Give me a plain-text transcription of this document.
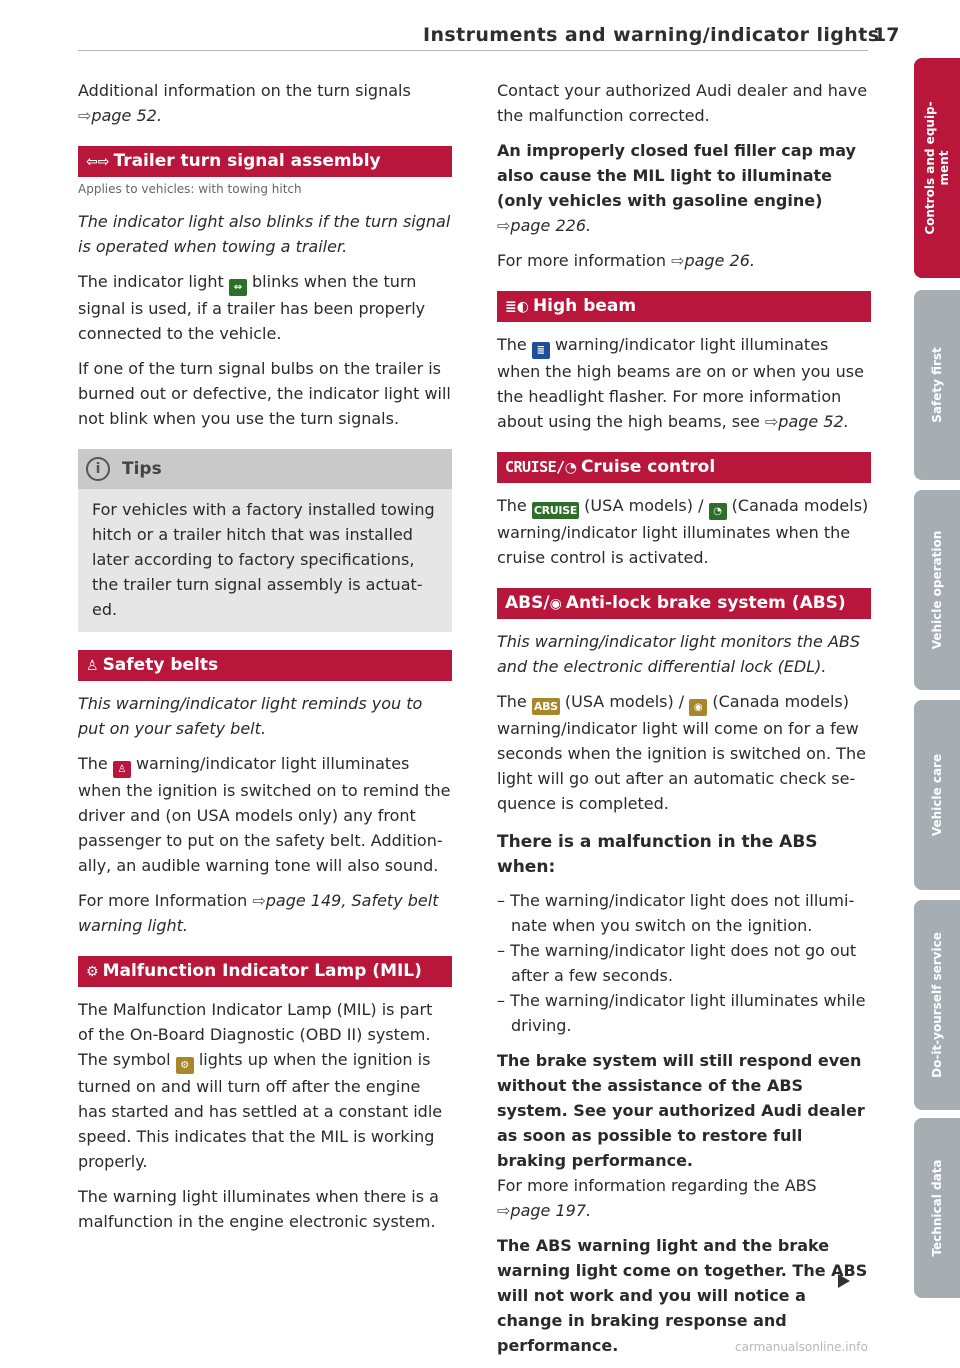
Instruments and warning/indicator lights
17

Additional information on the turn signals
⇨page 52.

⇦⇨ Trailer turn signal assembly
Applies to vehicles: with towing hitch

The indicator light also blinks if the turn signal is operated when towing a trailer.

The indicator light ⇔ blinks when the turn signal is used, if a trailer has been properly connected to the vehicle.

If one of the turn signal bulbs on the trailer is burned out or defective, the indicator light will not blink when you use the turn signals.

i Tips
For vehicles with a factory installed towing hitch or a trailer hitch that was installed later according to factory specifications, the trailer turn signal assembly is actuated.
♙ Safety belts

This warning/indicator light reminds you to put on your safety belt.

The ♙ warning/indicator light illuminates when the ignition is switched on to remind the driver and (on USA models only) any front passenger to put on the safety belt. Additionally, an audible warning tone will also sound.

For more Information ⇨page 149, Safety belt warning light.

⚙ Malfunction Indicator Lamp (MIL)

The Malfunction Indicator Lamp (MIL) is part of the On-Board Diagnostic (OBD II) system. The symbol ⚙ lights up when the ignition is turned on and will turn off after the engine has started and has settled at a constant idle speed. This indicates that the MIL is working properly.

The warning light illuminates when there is a malfunction in the engine electronic system.

Contact your authorized Audi dealer and have the malfunction corrected.

An improperly closed fuel filler cap may also cause the MIL light to illuminate (only vehicles with gasoline engine) ⇨page 226.

For more information ⇨page 26.

≣◐ High beam

The ≣ warning/indicator light illuminates when the high beams are on or when you use the headlight flasher. For more information about using the high beams, see ⇨page 52.

CRUISE/◔ Cruise control

The CRUISE (USA models) / ◔ (Canada models) warning/indicator light illuminates when the cruise control is activated.

ABS/◉ Anti-lock brake system (ABS)

This warning/indicator light monitors the ABS and the electronic differential lock (EDL).

The ABS (USA models) / ◉ (Canada models) warning/indicator light will come on for a few seconds when the ignition is switched on. The light will go out after an automatic check sequence is completed.

There is a malfunction in the ABS when:

– The warning/indicator light does not illuminate when you switch on the ignition.

– The warning/indicator light does not go out after a few seconds.

– The warning/indicator light illuminates while driving.

The brake system will still respond even without the assistance of the ABS system. See your authorized Audi dealer as soon as possible to restore full braking performance.
For more information regarding the ABS
⇨page 197.

The ABS warning light and the brake warning light come on together. The ABS will not work and you will notice a change in braking response and performance.

Controls and equip- ment
Safety first
Vehicle operation
Vehicle care
Do-it-yourself service
Technical data
carmanualsonline.info
